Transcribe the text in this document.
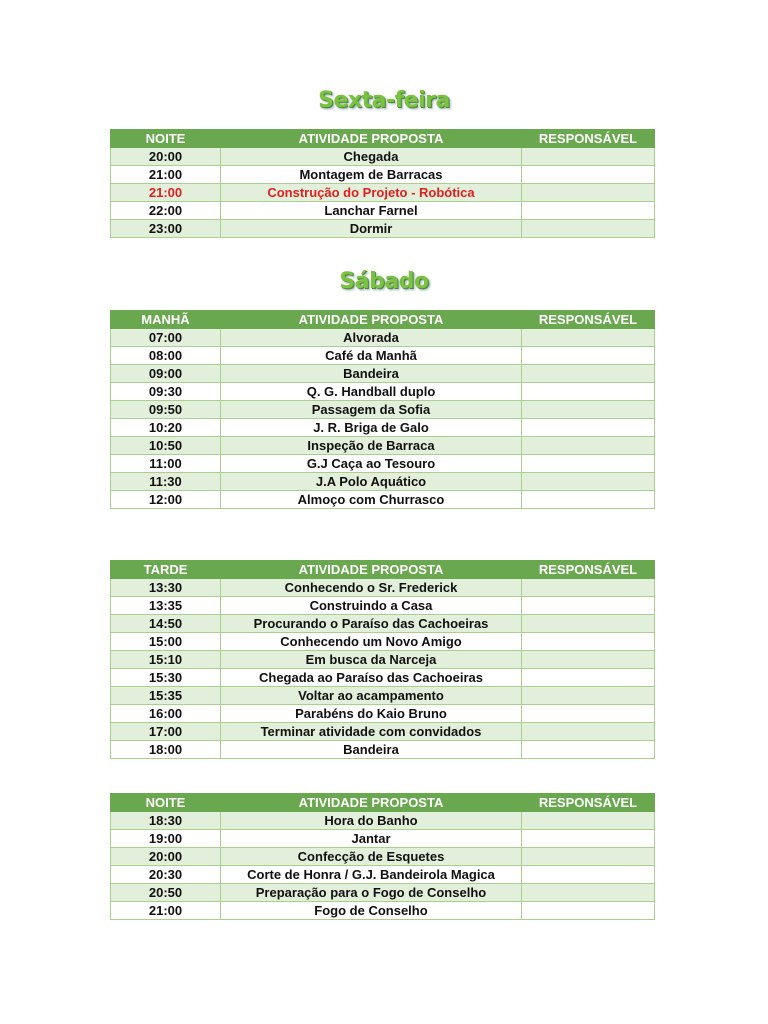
Sexta-feira
NOITE	ATIVIDADE PROPOSTA	RESPONSÁVEL
20:00	Chegada	
21:00	Montagem de Barracas	
21:00	Construção do Projeto - Robótica	
22:00	Lanchar Farnel	
23:00	Dormir	
Sábado
MANHÃ	ATIVIDADE PROPOSTA	RESPONSÁVEL
07:00	Alvorada	
08:00	Café da Manhã	
09:00	Bandeira	
09:30	Q. G. Handball duplo	
09:50	Passagem da Sofia	
10:20	J. R. Briga de Galo	
10:50	Inspeção de Barraca	
11:00	G.J Caça ao Tesouro	
11:30	J.A Polo Aquático	
12:00	Almoço com Churrasco	
TARDE	ATIVIDADE PROPOSTA	RESPONSÁVEL
13:30	Conhecendo o Sr. Frederick	
13:35	Construindo a Casa	
14:50	Procurando o Paraíso das Cachoeiras	
15:00	Conhecendo um Novo Amigo	
15:10	Em busca da Narceja	
15:30	Chegada ao Paraíso das Cachoeiras	
15:35	Voltar ao acampamento	
16:00	Parabéns do Kaio Bruno	
17:00	Terminar atividade com convidados	
18:00	Bandeira	
NOITE	ATIVIDADE PROPOSTA	RESPONSÁVEL
18:30	Hora do Banho	
19:00	Jantar	
20:00	Confecção de Esquetes	
20:30	Corte de Honra / G.J. Bandeirola Magica	
20:50	Preparação para o Fogo de Conselho	
21:00	Fogo de Conselho	
